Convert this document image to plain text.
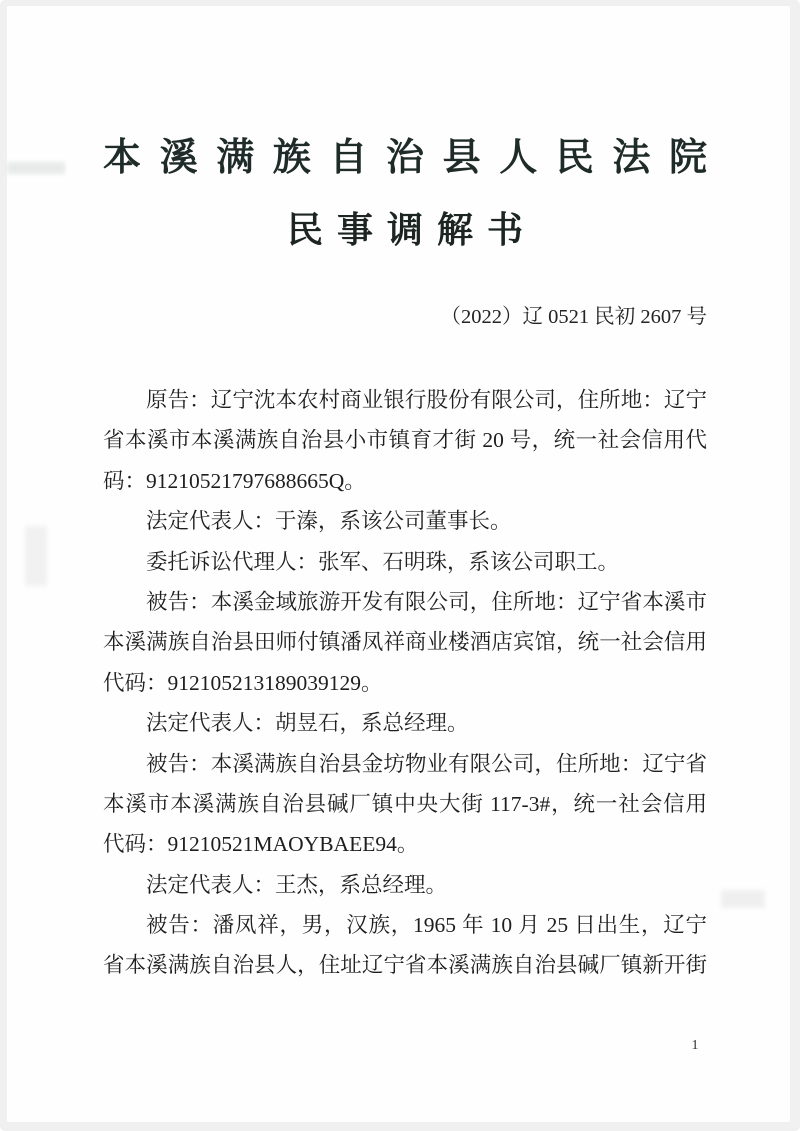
本溪满族自治县人民法院
民事调解书
（2022）辽 0521 民初 2607 号
原告：辽宁沈本农村商业银行股份有限公司，住所地：辽宁
省本溪市本溪满族自治县小市镇育才街 20 号，统一社会信用代
码：91210521797688665Q。
法定代表人：于溱，系该公司董事长。
委托诉讼代理人：张军、石明珠，系该公司职工。
被告：本溪金域旅游开发有限公司，住所地：辽宁省本溪市
本溪满族自治县田师付镇潘凤祥商业楼酒店宾馆，统一社会信用
代码：912105213189039129。
法定代表人：胡昱石，系总经理。
被告：本溪满族自治县金坊物业有限公司，住所地：辽宁省
本溪市本溪满族自治县碱厂镇中央大街 117-3#，统一社会信用
代码：91210521MAOYBAEE94。
法定代表人：王杰，系总经理。
被告：潘凤祥，男，汉族，1965 年 10 月 25 日出生，辽宁
省本溪满族自治县人，住址辽宁省本溪满族自治县碱厂镇新开街
1
